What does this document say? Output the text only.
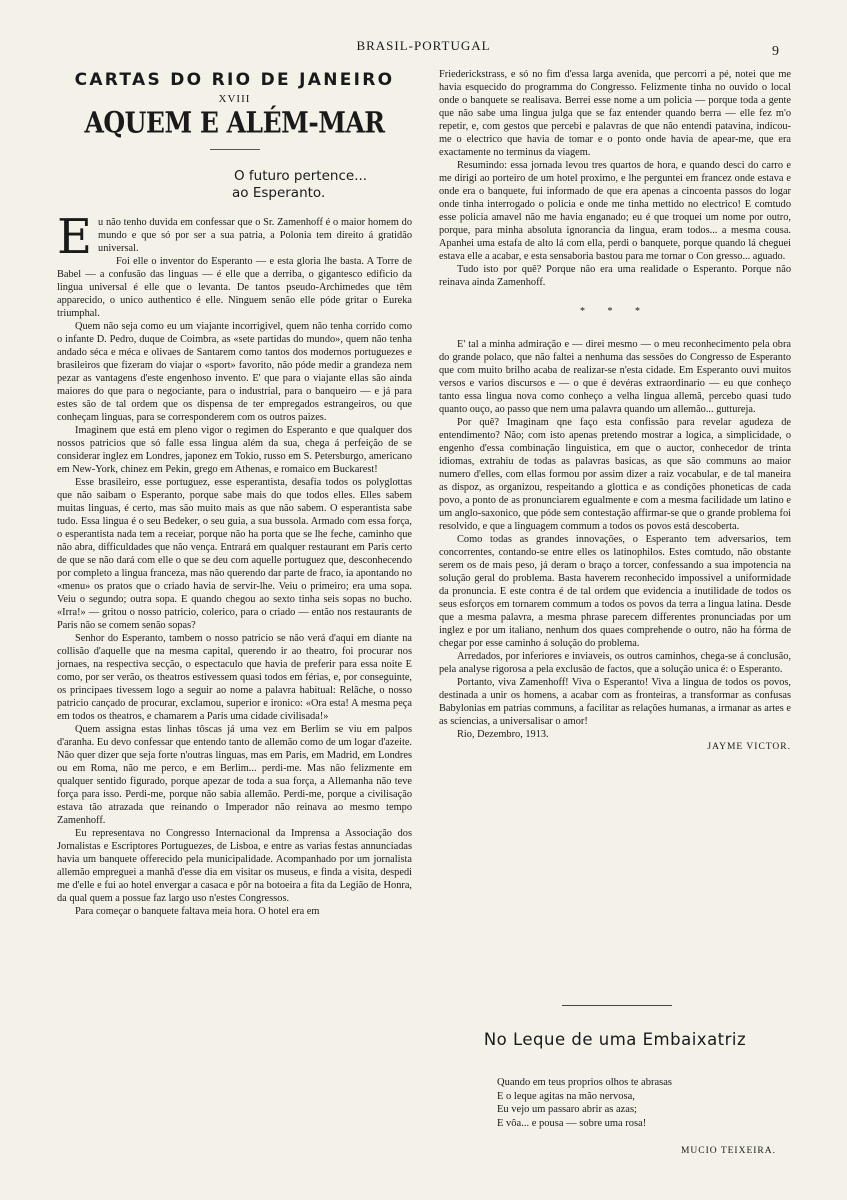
BRASIL-PORTUGAL	9
CARTAS DO RIO DE JANEIRO
XVIII
AQUEM E ALÉM-MAR
O futuro pertence...
ao Esperanto.
E u não tenho duvida em confessar que o Sr. Zamenhoff é o maior homem do mundo e que só por ser a sua patria, a Polonia tem direito á gratidão universal.

Foi elle o inventor do Esperanto — e esta gloria lhe basta. A Torre de Babel — a confusão das linguas — é elle que a derriba, o gigantesco edificio da lingua universal é elle que o levanta. De tantos pseudo-Archimedes que têm apparecido, o unico authentico é elle. Ninguem senão elle póde gritar o Eureka triumphal.

Quem não seja como eu um viajante incorrigivel, quem não tenha corrido como o infante D. Pedro, duque de Coimbra, as «sete partidas do mundo», quem não tenha andado séca e méca e olivaes de Santarem como tantos dos modernos portuguezes e brasileiros que fizeram do viajar o «sport» favorito, não póde medir a grandeza nem pezar as vantagens d'este engenhoso invento. E' que para o viajante ellas são ainda maiores do que para o negociante, para o industrial, para o banqueiro — e já para estes são de tal ordem que os dispensa de ter empregados estrangeiros, ou que conheçam linguas, para se corresponderem com os outros paizes.

Imaginem que está em pleno vigor o regimen do Esperanto e que qualquer dos nossos patricios que só falle essa lingua além da sua, chega á perfeição de se considerar inglez em Londres, japonez em Tokio, russo em S. Petersburgo, americano em New-York, chinez em Pekin, grego em Athenas, e romaico em Buckarest!

Esse brasileiro, esse portuguez, esse esperantista, desafia todos os polyglottas que não saibam o Esperanto, porque sabe mais do que todos elles. Elles sabem muitas linguas, é certo, mas são muito mais as que não sabem. O esperantista sabe tudo. Essa lingua é o seu Bedeker, o seu guia, a sua bussola. Armado com essa força, o esperantista nada tem a receiar, porque não ha porta que se lhe feche, caminho que não abra, difficuldades que não vença. Entrará em qualquer restaurant em Paris certo de que se não dará com elle o que se deu com aquelle portuguez que, desconhecendo por completo a lingua franceza, mas não querendo dar parte de fraco, ia apontando no «menu» os pratos que o criado havia de servir-lhe. Veiu o primeiro; era uma sopa. Veiu o segundo; outra sopa. E quando chegou ao sexto tinha seis sopas no bucho. «Irra!» — gritou o nosso patricio, colerico, para o criado — então nos restaurants de Paris não se comem senão sopas?

Senhor do Esperanto, tambem o nosso patricio se não verá d'aqui em diante na collisão d'aquelle que na mesma capital, querendo ir ao theatro, foi procurar nos jornaes, na respectiva secção, o espectaculo que havia de preferir para essa noite E como, por ser verão, os theatros estivessem quasi todos em férias, e, por conseguinte, os principaes tivessem logo a seguir ao nome a palavra habitual: Relâche, o nosso patricio cançado de procurar, exclamou, superior e ironico: «Ora esta! A mesma peça em todos os theatros, e chamarem a Paris uma cidade civilisada!»

Quem assigna estas linhas tôscas já uma vez em Berlim se viu em palpos d'aranha. Eu devo confessar que entendo tanto de allemão como de um logar d'azeite. Não quer dizer que seja forte n'outras linguas, mas em Paris, em Madrid, em Londres ou em Roma, não me perco, e em Berlim... perdi-me. Mas não felizmente em qualquer sentido figurado, porque apezar de toda a sua força, a Allemanha não teve força para isso. Perdi-me, porque não sabia allemão. Perdi-me, porque a civilisação estava tão atrazada que reinando o Imperador não reinava ao mesmo tempo Zamenhoff.

Eu representava no Congresso Internacional da Imprensa a Associação dos Jornalistas e Escriptores Portuguezes, de Lisboa, e entre as varias festas annunciadas havia um banquete offerecido pela municipalidade. Acompanhado por um jornalista allemão empreguei a manhã d'esse dia em visitar os museus, e finda a visita, despedi me d'elle e fui ao hotel envergar a casaca e pôr na botoeira a fita da Legião de Honra, da qual quem a possue faz largo uso n'estes Congressos.

Para começar o banquete faltava meia hora. O hotel era em

Friederickstrass, e só no fim d'essa larga avenida, que percorri a pé, notei que me havia esquecido do programma do Congresso. Felizmente tinha no ouvido o local onde o banquete se realisava. Berrei esse nome a um policia — porque toda a gente que não sabe uma lingua julga que se faz entender quando berra — elle fez m'o repetir, e, com gestos que percebi e palavras de que não entendi patavina, indicou-me o electrico que havia de tomar e o ponto onde havia de apear-me, que era exactamente no terminus da viagem.

Resumindo: essa jornada levou tres quartos de hora, e quando desci do carro e me dirigi ao porteiro de um hotel proximo, e lhe perguntei em francez onde estava e onde era o banquete, fui informado de que era apenas a cincoenta passos do logar onde tinha interrogado o policia e onde me tinha mettido no electrico! E comtudo esse policia amavel não me havia enganado; eu é que troquei um nome por outro, porque, para minha absoluta ignorancia da lingua, eram todos... a mesma cousa. Apanhei uma estafa de alto lá com ella, perdi o banquete, porque quando lá cheguei estava elle a acabar, e esta sensaboria bastou para me tornar o Con gresso... aguado.

Tudo isto por quê? Porque não era uma realidade o Esperanto. Porque não reinava ainda Zamenhoff.

* * *

E' tal a minha admiração e — direi mesmo — o meu reconhecimento pela obra do grande polaco, que não faltei a nenhuma das sessões do Congresso de Esperanto que com muito brilho acaba de realizar-se n'esta cidade. Em Esperanto ouvi muitos versos e varios discursos e — o que é devéras extraordinario — eu que conheço tanto essa lingua nova como conheço a velha lingua allemã, percebo quasi tudo quanto ouço, ao passo que nem uma palavra quando um allemão... guttureja.

Por quê? Imaginam qne faço esta confissão para revelar agudeza de entendimento? Não; com isto apenas pretendo mostrar a logica, a simplicidade, o engenho d'essa combinação linguistica, em que o auctor, conhecedor de trinta idiomas, extrahiu de todas as palavras basicas, as que são communs ao maior numero d'elles, com ellas formou por assim dizer a raiz vocabular, e de tal maneira as dispoz, as organizou, respeitando a glottica e as condições phoneticas de cada povo, a ponto de as pronunciarem egualmente e com a mesma facilidade um latino e um anglo-saxonico, que póde sem contestação affirmar-se que o grande problema foi resolvido, e que a linguagem commum a todos os povos está descoberta.

Como todas as grandes innovações, o Esperanto tem adversarios, tem concorrentes, contando-se entre elles os latinophilos. Estes comtudo, não obstante serem os de mais peso, já deram o braço a torcer, confessando a sua impotencia na solução geral do problema. Basta haverem reconhecido impossivel a uniformidade da pronuncia. E este contra é de tal ordem que evidencia a inutilidade de todos os seus esforços em tornarem commum a todos os povos da terra a lingua latina. Desde que a mesma palavra, a mesma phrase parecem differentes pronunciadas por um inglez e por um italiano, nenhum dos quaes comprehende o outro, não ha fórma de chegar por esse caminho á solução do problema.

Arredados, por inferiores e inviaveis, os outros caminhos, chega-se á conclusão, pela analyse rigorosa a pela exclusão de factos, que a solução unica é: o Esperanto.

Portanto, viva Zamenhoff! Viva o Esperanto! Viva a lingua de todos os povos, destinada a unir os homens, a acabar com as fronteiras, a transformar as confusas Babylonias em patrias communs, a facilitar as relações humanas, a irmanar as artes e as sciencias, a universalisar o amor!

Rio, Dezembro, 1913.

JAYME VICTOR.
No Leque de uma Embaixatriz
Quando em teus proprios olhos te abrasas
E o leque agitas na mão nervosa,
Eu vejo um passaro abrir as azas;
E vôa... e pousa — sobre uma rosa!
MUCIO TEIXEIRA.
